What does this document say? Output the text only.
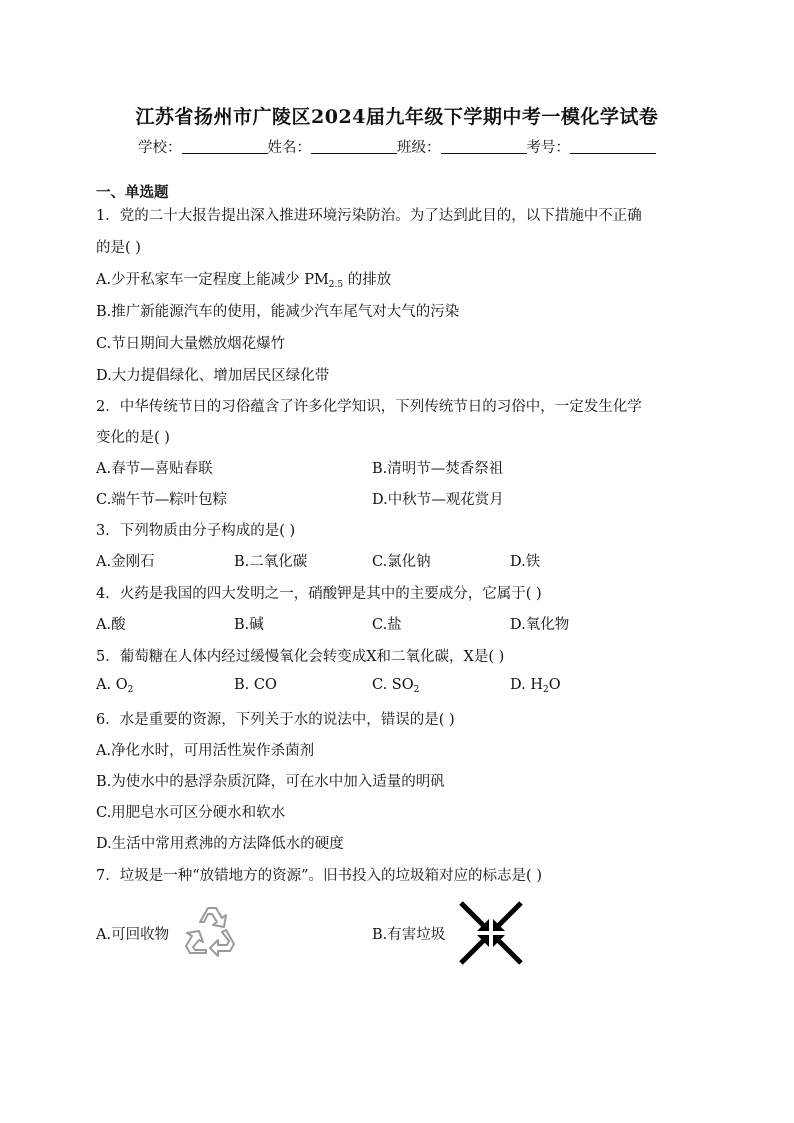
江苏省扬州市广陵区2024届九年级下学期中考一模化学试卷
学校：	姓名：	班级：	考号：
一、单选题
1．党的二十大报告提出深入推进环境污染防治。为了达到此目的，以下措施中不正确
的是( )
A.少开私家车一定程度上能减少 $PM_{2.5}$ 的排放
B.推广新能源汽车的使用，能减少汽车尾气对大气的污染
C.节日期间大量燃放烟花爆竹
D.大力提倡绿化、增加居民区绿化带
2．中华传统节日的习俗蕴含了许多化学知识，下列传统节日的习俗中，一定发生化学
变化的是( )
A.春节—喜贴春联	B.清明节—焚香祭祖
C.端午节—粽叶包粽	D.中秋节—观花赏月
3．下列物质由分子构成的是( )
A.金刚石	B.二氧化碳	C.氯化钠	D.铁
4．火药是我国的四大发明之一，硝酸钾是其中的主要成分，它属于( )
A.酸	B.碱	C.盐	D.氧化物
5．葡萄糖在人体内经过缓慢氧化会转变成X和二氧化碳，X是( )
A. $O_2$	B. CO	C. $SO_2$	D. $H_2O$
6．水是重要的资源，下列关于水的说法中，错误的是( )
A.净化水时，可用活性炭作杀菌剂
B.为使水中的悬浮杂质沉降，可在水中加入适量的明矾
C.用肥皂水可区分硬水和软水
D.生活中常用煮沸的方法降低水的硬度
7．垃圾是一种“放错地方的资源”。旧书投入的垃圾箱对应的标志是( )
A.可回收物	B.有害垃圾
